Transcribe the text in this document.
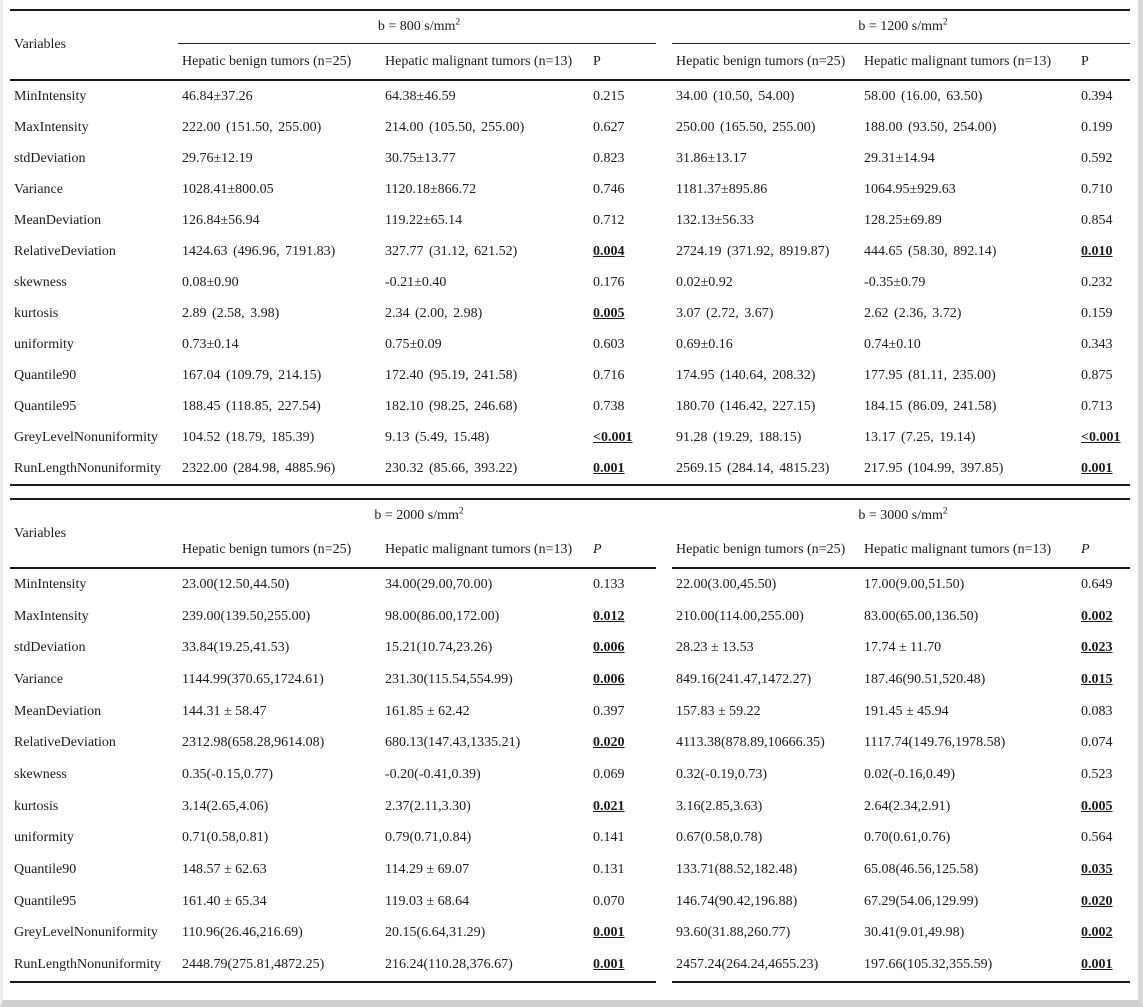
Variables	b = 800 $s/mm^2$				b = 1200 $s/mm^2$
	Hepatic benign tumors (n=25)	Hepatic malignant tumors (n=13)	P		Hepatic benign tumors (n=25)	Hepatic malignant tumors (n=13)	P
MinIntensity	46.84±37.26	64.38±46.59	0.215		34.00 (10.50, 54.00)	58.00 (16.00, 63.50)	0.394
MaxIntensity	222.00 (151.50, 255.00)	214.00 (105.50, 255.00)	0.627		250.00 (165.50, 255.00)	188.00 (93.50, 254.00)	0.199
stdDeviation	29.76±12.19	30.75±13.77	0.823		31.86±13.17	29.31±14.94	0.592
Variance	1028.41±800.05	1120.18±866.72	0.746		1181.37±895.86	1064.95±929.63	0.710
MeanDeviation	126.84±56.94	119.22±65.14	0.712		132.13±56.33	128.25±69.89	0.854
RelativeDeviation	1424.63 (496.96, 7191.83)	327.77 (31.12, 621.52)	0.004		2724.19 (371.92, 8919.87)	444.65 (58.30, 892.14)	0.010
skewness	0.08±0.90	-0.21±0.40	0.176		0.02±0.92	-0.35±0.79	0.232
kurtosis	2.89 (2.58, 3.98)	2.34 (2.00, 2.98)	0.005		3.07 (2.72, 3.67)	2.62 (2.36, 3.72)	0.159
uniformity	0.73±0.14	0.75±0.09	0.603		0.69±0.16	0.74±0.10	0.343
Quantile90	167.04 (109.79, 214.15)	172.40 (95.19, 241.58)	0.716		174.95 (140.64, 208.32)	177.95 (81.11, 235.00)	0.875
Quantile95	188.45 (118.85, 227.54)	182.10 (98.25, 246.68)	0.738		180.70 (146.42, 227.15)	184.15 (86.09, 241.58)	0.713
GreyLevelNonuniformity	104.52 (18.79, 185.39)	9.13 (5.49, 15.48)	<0.001		91.28 (19.29, 188.15)	13.17 (7.25, 19.14)	<0.001
RunLengthNonuniformity	2322.00 (284.98, 4885.96)	230.32 (85.66, 393.22)	0.001		2569.15 (284.14, 4815.23)	217.95 (104.99, 397.85)	0.001
Variables	b = 2000 $s/mm^2$				b = 3000 $s/mm^2$
	Hepatic benign tumors (n=25)	Hepatic malignant tumors (n=13)	P		Hepatic benign tumors (n=25)	Hepatic malignant tumors (n=13)	P
MinIntensity	23.00(12.50,44.50)	34.00(29.00,70.00)	0.133		22.00(3.00,45.50)	17.00(9.00,51.50)	0.649
MaxIntensity	239.00(139.50,255.00)	98.00(86.00,172.00)	0.012		210.00(114.00,255.00)	83.00(65.00,136.50)	0.002
stdDeviation	33.84(19.25,41.53)	15.21(10.74,23.26)	0.006		28.23 ± 13.53	17.74 ± 11.70	0.023
Variance	1144.99(370.65,1724.61)	231.30(115.54,554.99)	0.006		849.16(241.47,1472.27)	187.46(90.51,520.48)	0.015
MeanDeviation	144.31 ± 58.47	161.85 ± 62.42	0.397		157.83 ± 59.22	191.45 ± 45.94	0.083
RelativeDeviation	2312.98(658.28,9614.08)	680.13(147.43,1335.21)	0.020		4113.38(878.89,10666.35)	1117.74(149.76,1978.58)	0.074
skewness	0.35(-0.15,0.77)	-0.20(-0.41,0.39)	0.069		0.32(-0.19,0.73)	0.02(-0.16,0.49)	0.523
kurtosis	3.14(2.65,4.06)	2.37(2.11,3.30)	0.021		3.16(2.85,3.63)	2.64(2.34,2.91)	0.005
uniformity	0.71(0.58,0.81)	0.79(0.71,0.84)	0.141		0.67(0.58,0.78)	0.70(0.61,0.76)	0.564
Quantile90	148.57 ± 62.63	114.29 ± 69.07	0.131		133.71(88.52,182.48)	65.08(46.56,125.58)	0.035
Quantile95	161.40 ± 65.34	119.03 ± 68.64	0.070		146.74(90.42,196.88)	67.29(54.06,129.99)	0.020
GreyLevelNonuniformity	110.96(26.46,216.69)	20.15(6.64,31.29)	0.001		93.60(31.88,260.77)	30.41(9.01,49.98)	0.002
RunLengthNonuniformity	2448.79(275.81,4872.25)	216.24(110.28,376.67)	0.001		2457.24(264.24,4655.23)	197.66(105.32,355.59)	0.001
